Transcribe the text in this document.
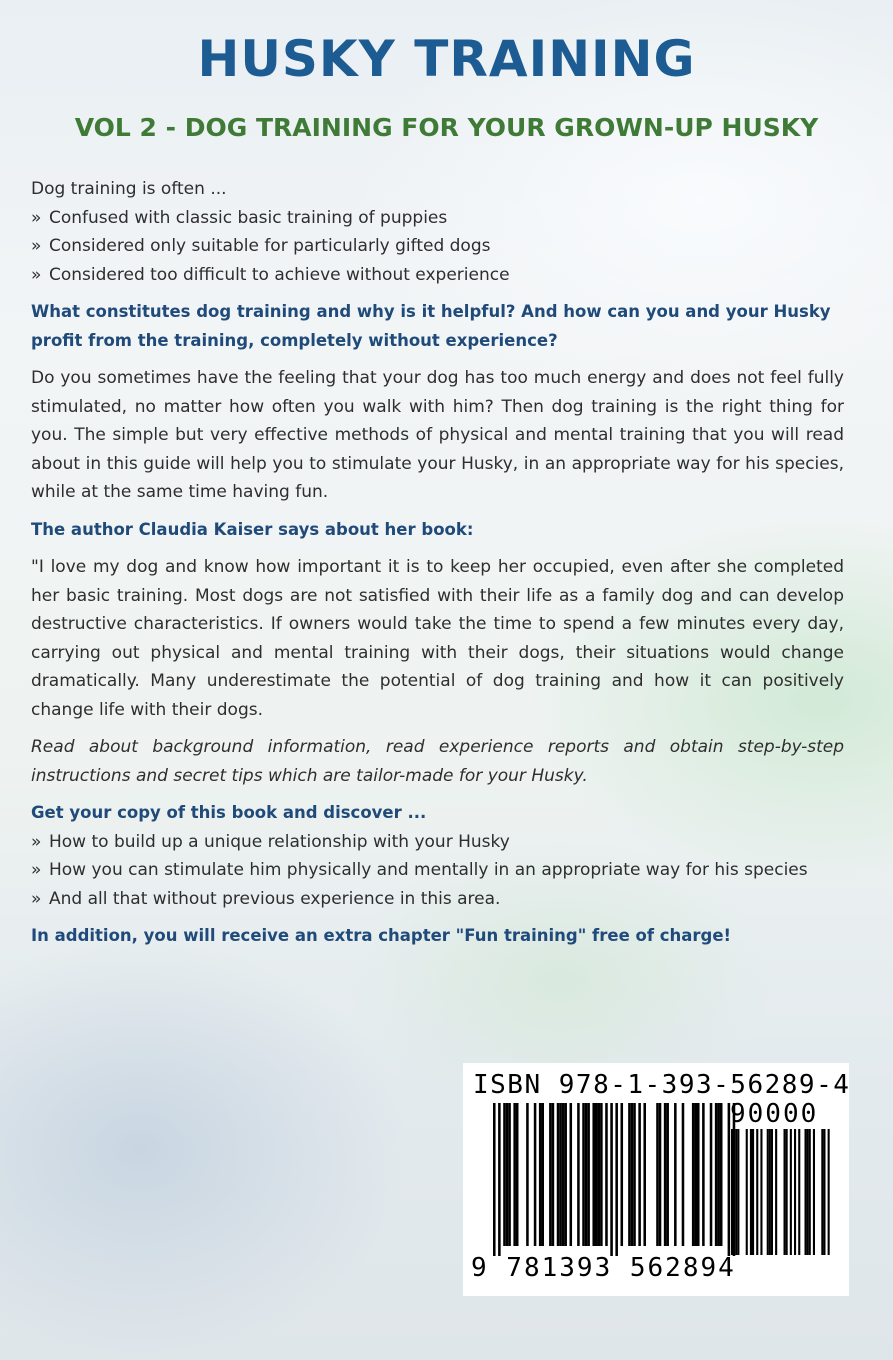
HUSKY TRAINING
VOL 2 - DOG TRAINING FOR YOUR GROWN-UP HUSKY

Dog training is often ...

» Confused with classic basic training of puppies
» Considered only suitable for particularly gifted dogs
» Considered too difficult to achieve without experience

What constitutes dog training and why is it helpful? And how can you and your Husky profit from the training, completely without experience?

Do you sometimes have the feeling that your dog has too much energy and does not feel fully stimulated, no matter how often you walk with him? Then dog training is the right thing for you. The simple but very effective methods of physical and mental training that you will read about in this guide will help you to stimulate your Husky, in an appropriate way for his species, while at the same time having fun.

The author Claudia Kaiser says about her book:

"I love my dog and know how important it is to keep her occupied, even after she completed her basic training. Most dogs are not satisfied with their life as a family dog and can develop destructive characteristics. If owners would take the time to spend a few minutes every day, carrying out physical and mental training with their dogs, their situations would change dramatically. Many underestimate the potential of dog training and how it can positively change life with their dogs.

Read about background information, read experience reports and obtain step-by-step instructions and secret tips which are tailor-made for your Husky.

Get your copy of this book and discover ...

» How to build up a unique relationship with your Husky
» How you can stimulate him physically and mentally in an appropriate way for his species
» And all that without previous experience in this area.

In addition, you will receive an extra chapter "Fun training" free of charge!

ISBN 978-1-393-56289-4
90000
9 781393 562894
